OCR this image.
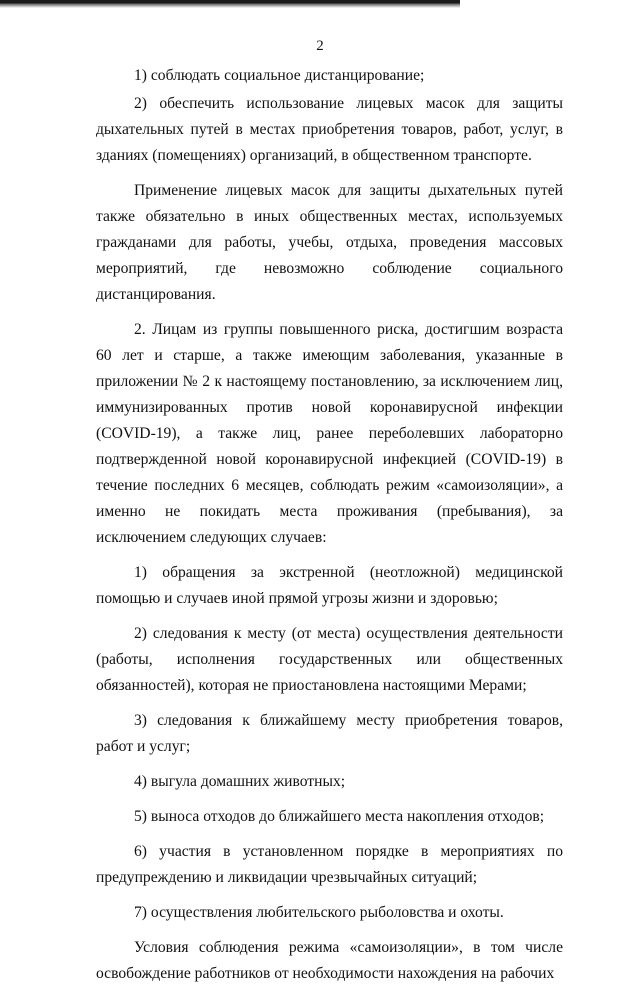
2

1) соблюдать социальное дистанцирование;

2) обеспечить использование лицевых масок для защиты дыхательных путей в местах приобретения товаров, работ, услуг, в зданиях (помещениях) организаций, в общественном транспорте.

Применение лицевых масок для защиты дыхательных путей также обязательно в иных общественных местах, используемых гражданами для работы, учебы, отдыха, проведения массовых мероприятий, где невозможно соблюдение социального дистанцирования.

2. Лицам из группы повышенного риска, достигшим возраста 60 лет и старше, а также имеющим заболевания, указанные в приложении № 2 к настоящему постановлению, за исключением лиц, иммунизированных против новой коронавирусной инфекции (COVID-19), а также лиц, ранее переболевших лабораторно подтвержденной новой коронавирусной инфекцией (COVID-19) в течение последних 6 месяцев, соблюдать режим «самоизоляции», а именно не покидать места проживания (пребывания), за исключением следующих случаев:

1) обращения за экстренной (неотложной) медицинской помощью и случаев иной прямой угрозы жизни и здоровью;

2) следования к месту (от места) осуществления деятельности (работы, исполнения государственных или общественных обязанностей), которая не приостановлена настоящими Мерами;

3) следования к ближайшему месту приобретения товаров, работ и услуг;

4) выгула домашних животных;

5) выноса отходов до ближайшего места накопления отходов;

6) участия в установленном порядке в мероприятиях по предупреждению и ликвидации чрезвычайных ситуаций;

7) осуществления любительского рыболовства и охоты.

Условия соблюдения режима «самоизоляции», в том числе освобождение работников от необходимости нахождения на рабочих
